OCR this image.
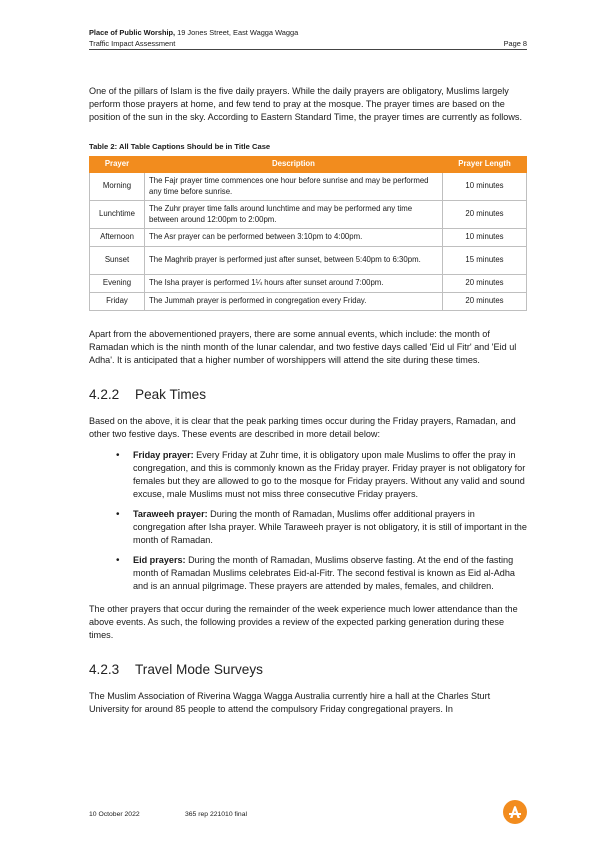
Place of Public Worship, 19 Jones Street, East Wagga Wagga
Traffic Impact Assessment	Page 8

One of the pillars of Islam is the five daily prayers. While the daily prayers are obligatory, Muslims largely perform those prayers at home, and few tend to pray at the mosque. The prayer times are based on the position of the sun in the sky. According to Eastern Standard Time, the prayer times are currently as follows.

Table 2: All Table Captions Should be in Title Case
Prayer	Description	Prayer Length
Morning	The Fajr prayer time commences one hour before sunrise and may be performed any time before sunrise.	10 minutes
Lunchtime	The Zuhr prayer time falls around lunchtime and may be performed any time between around 12:00pm to 2:00pm.	20 minutes
Afternoon	The Asr prayer can be performed between 3:10pm to 4:00pm.	10 minutes
Sunset	The Maghrib prayer is performed just after sunset, between 5:40pm to 6:30pm.	15 minutes
Evening	The Isha prayer is performed 1¼ hours after sunset around 7:00pm.	20 minutes
Friday	The Jummah prayer is performed in congregation every Friday.	20 minutes

Apart from the abovementioned prayers, there are some annual events, which include: the month of Ramadan which is the ninth month of the lunar calendar, and two festive days called 'Eid ul Fitr' and 'Eid ul Adha'. It is anticipated that a higher number of worshippers will attend the site during these times.

4.2.2 Peak Times

Based on the above, it is clear that the peak parking times occur during the Friday prayers, Ramadan, and other two festive days. These events are described in more detail below:

• Friday prayer: Every Friday at Zuhr time, it is obligatory upon male Muslims to offer the pray in congregation, and this is commonly known as the Friday prayer. Friday prayer is not obligatory for females but they are allowed to go to the mosque for Friday prayers. Without any valid and sound excuse, male Muslims must not miss three consecutive Friday prayers.
• Taraweeh prayer: During the month of Ramadan, Muslims offer additional prayers in congregation after Isha prayer. While Taraweeh prayer is not obligatory, it is still of important in the month of Ramadan.
• Eid prayers: During the month of Ramadan, Muslims observe fasting. At the end of the fasting month of Ramadan Muslims celebrates Eid-al-Fitr. The second festival is known as Eid al-Adha and is an annual pilgrimage. These prayers are attended by males, females, and children.

The other prayers that occur during the remainder of the week experience much lower attendance than the above events. As such, the following provides a review of the expected parking generation during these times.

4.2.3 Travel Mode Surveys

The Muslim Association of Riverina Wagga Wagga Australia currently hire a hall at the Charles Sturt University for around 85 people to attend the compulsory Friday congregational prayers. In

10 October 2022	365 rep 221010 final
